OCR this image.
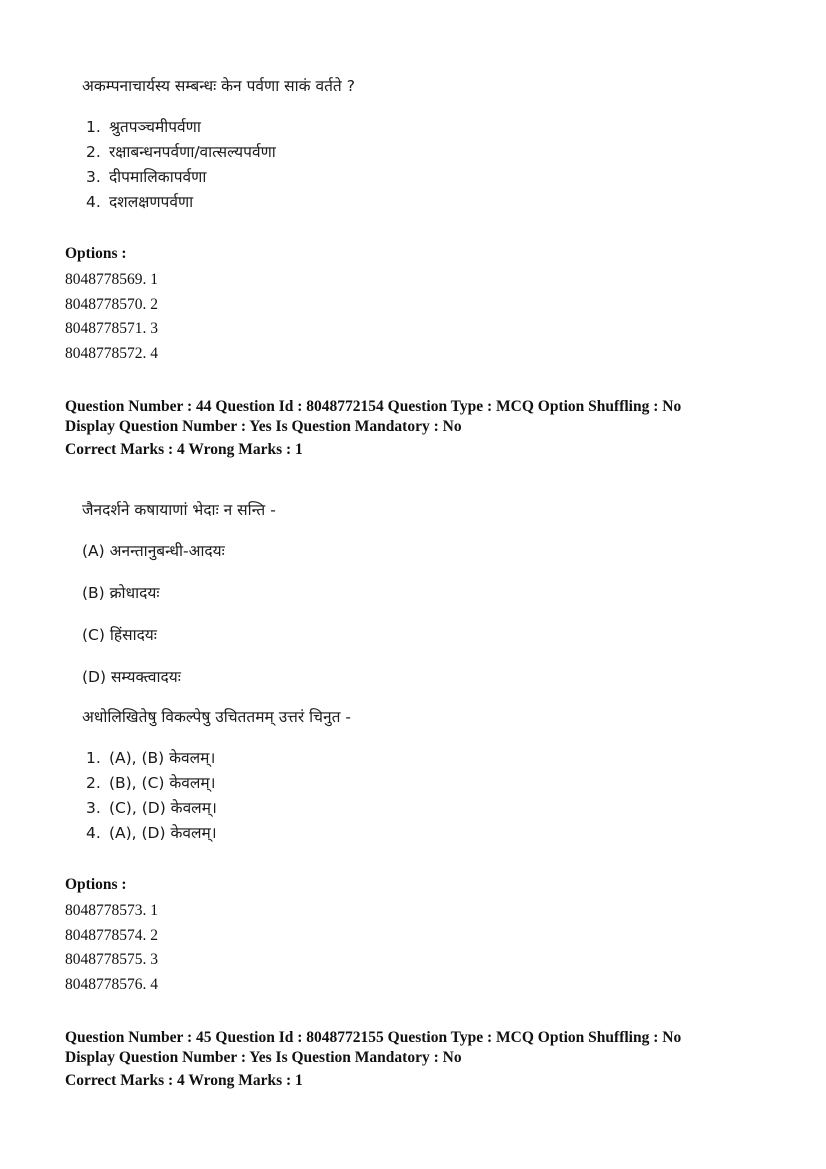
अकम्पनाचार्यस्य सम्बन्धः केन पर्वणा साकं वर्तते ?
1. श्रुतपञ्चमीपर्वणा
2. रक्षाबन्धनपर्वणा/वात्सल्यपर्वणा
3. दीपमालिकापर्वणा
4. दशलक्षणपर्वणा
Options :
8048778569. 1
8048778570. 2
8048778571. 3
8048778572. 4
Question Number : 44 Question Id : 8048772154 Question Type : MCQ Option Shuffling : No
Display Question Number : Yes Is Question Mandatory : No
Correct Marks : 4 Wrong Marks : 1
जैनदर्शने कषायाणां भेदाः न सन्ति -
(A) अनन्तानुबन्धी-आदयः
(B) क्रोधादयः
(C) हिंसादयः
(D) सम्यक्त्वादयः
अधोलिखितेषु विकल्पेषु उचिततमम् उत्तरं चिनुत -
1. (A), (B) केवलम्।
2. (B), (C) केवलम्।
3. (C), (D) केवलम्।
4. (A), (D) केवलम्।
Options :
8048778573. 1
8048778574. 2
8048778575. 3
8048778576. 4
Question Number : 45 Question Id : 8048772155 Question Type : MCQ Option Shuffling : No
Display Question Number : Yes Is Question Mandatory : No
Correct Marks : 4 Wrong Marks : 1
